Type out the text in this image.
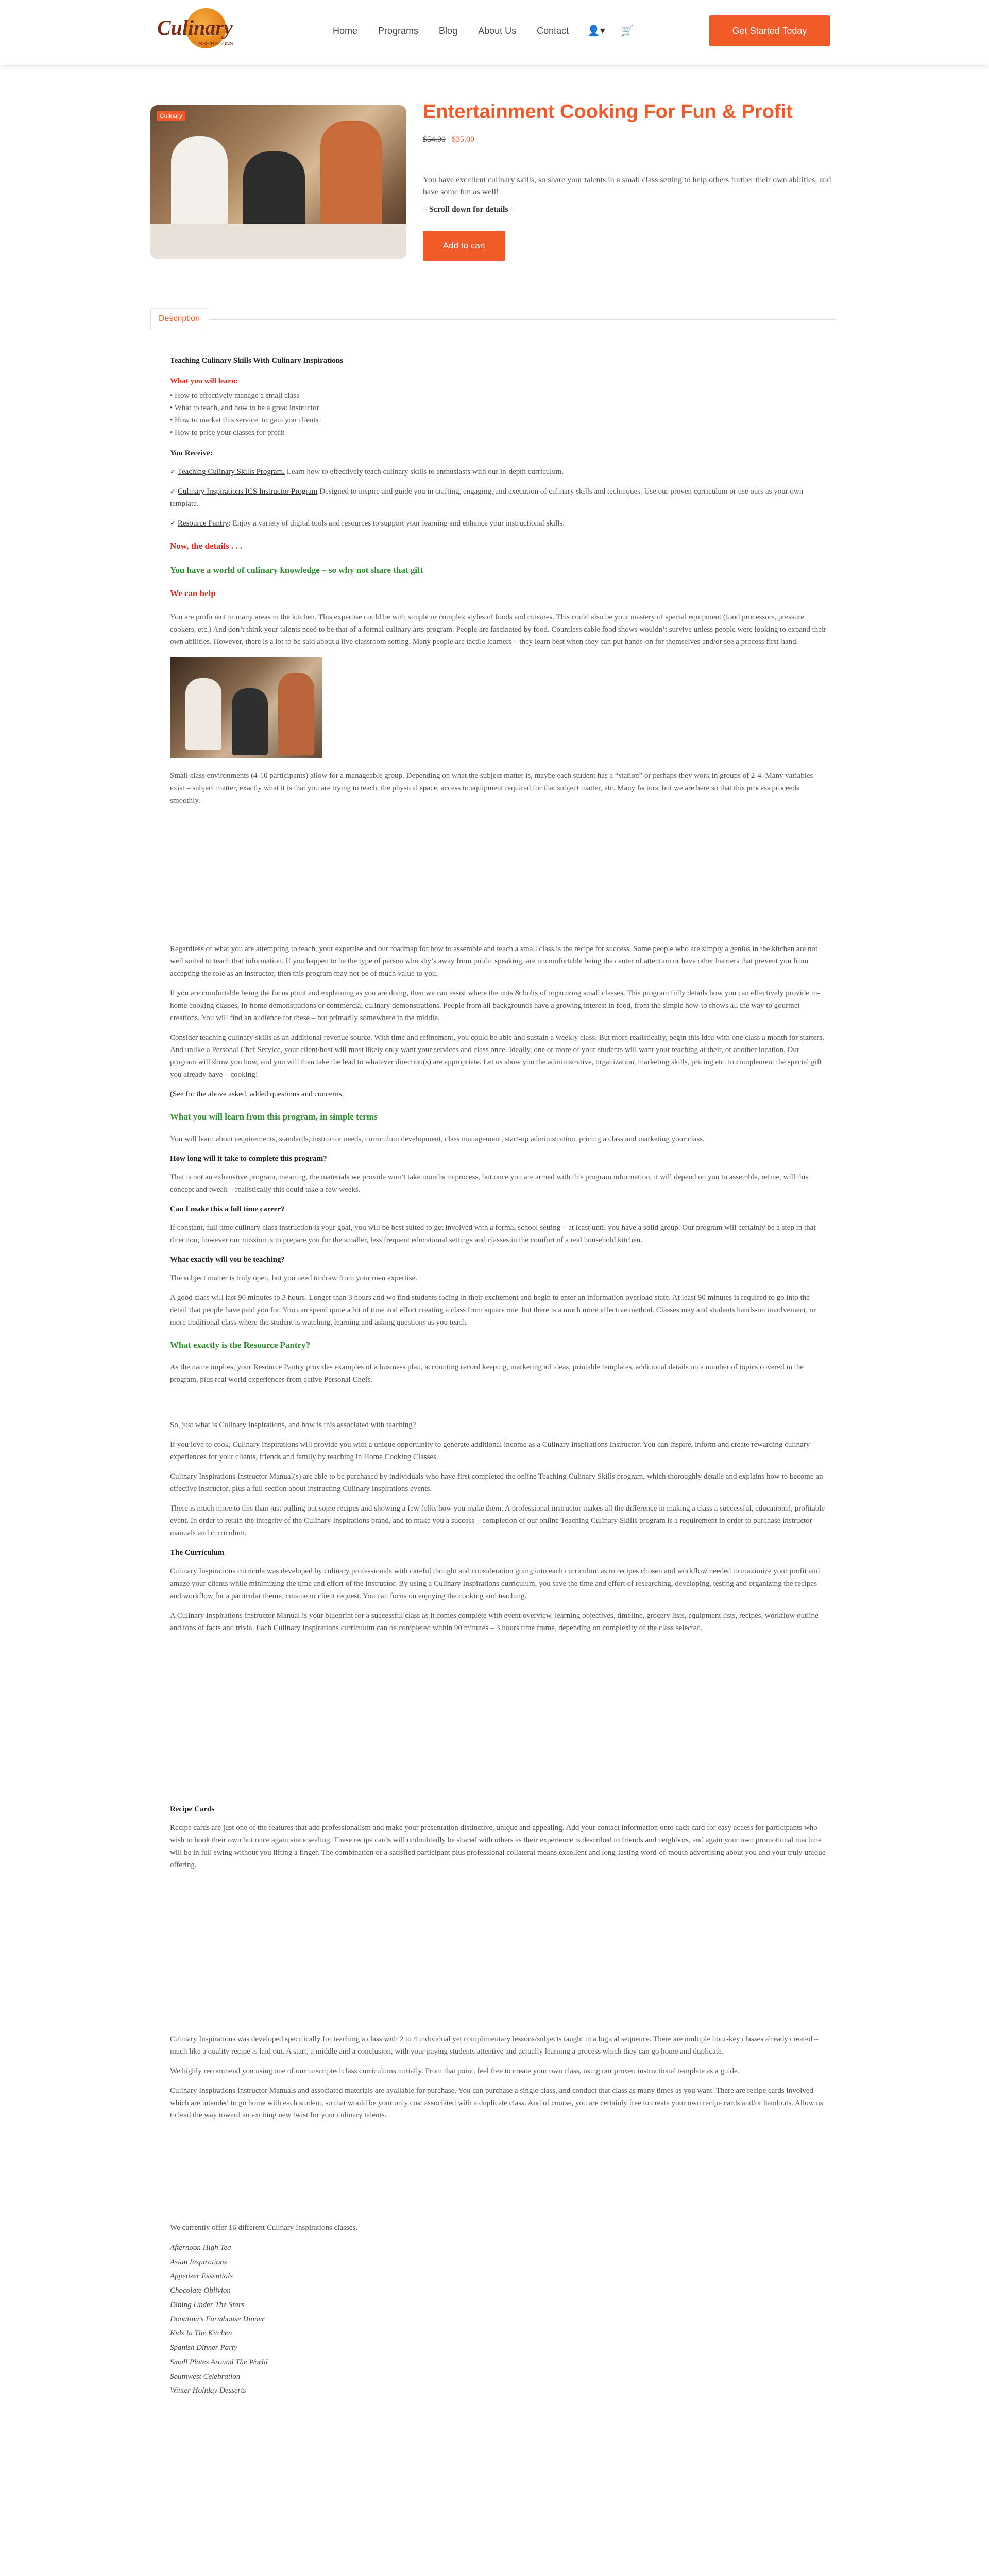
Culinary
INSPIRATIONS
Home Programs Blog About Us Contact 👤▾ 🛒	Get Started Today
Culinary	Entertainment Cooking For Fun & Profit
$54.00 $35.00
You have excellent culinary skills, so share your talents in a small class setting to help others further their own abilities, and have some fun as well!
– Scroll down for details –
Add to cart
Description

Teaching Culinary Skills With Culinary Inspirations

What you will learn:

• How to effectively manage a small class
• What to teach, and how to be a great instructor
• How to market this service, to gain you clients
• How to price your classes for profit

You Receive:

✓ Teaching Culinary Skills Program. Learn how to effectively teach culinary skills to enthusiasts with our in-depth curriculum.

✓ Culinary Inspirations ICS Instructor Program Designed to inspire and guide you in crafting, engaging, and execution of culinary skills and techniques. Use our proven curriculum or use ours as your own template.

✓ Resource Pantry: Enjoy a variety of digital tools and resources to support your learning and enhance your instructional skills.

Now, the details . . .

You have a world of culinary knowledge – so why not share that gift

We can help

You are proficient in many areas in the kitchen. This expertise could be with simple or complex styles of foods and cuisines. This could also be your mastery of special equipment (food processors, pressure cookers, etc.) And don’t think your talents need to be that of a formal culinary arts program. People are fascinated by food. Countless cable food shows wouldn’t survive unless people were looking to expand their own abilities. However, there is a lot to be said about a live classroom setting. Many people are tactile learners – they learn best when they can put hands-on for themselves and/or see a process first-hand.

Small class environments (4-10 participants) allow for a manageable group. Depending on what the subject matter is, maybe each student has a “station” or perhaps they work in groups of 2-4. Many variables exist – subject matter, exactly what it is that you are trying to teach, the physical space, access to equipment required for that subject matter, etc. Many factors, but we are here so that this process proceeds smoothly.

Regardless of what you are attempting to teach, your expertise and our roadmap for how to assemble and teach a small class is the recipe for success. Some people who are simply a genius in the kitchen are not well suited to teach that information. If you happen to be the type of person who shy’s away from public speaking, are uncomfortable being the center of attention or have other barriers that prevent you from accepting the role as an instructor, then this program may not be of much value to you.

If you are comfortable being the focus point and explaining as you are doing, then we can assist where the nuts & bolts of organizing small classes. This program fully details how you can effectively provide in-home cooking classes, in-home demonstrations or commercial culinary demonstrations. People from all backgrounds have a growing interest in food, from the simple how-to shows all the way to gourmet creations. You will find an audience for these – but primarily somewhere in the middle.

Consider teaching culinary skills as an additional revenue source. With time and refinement, you could be able and sustain a weekly class. But more realistically, begin this idea with one class a month for starters. And unlike a Personal Chef Service, your client/host will most likely only want your services and class once. Ideally, one or more of your students will want your teaching at their, or another location. Our program will show you how, and you will then take the lead to whatever direction(s) are appropriate. Let us show you the administrative, organization, marketing skills, pricing etc. to complement the special gift you already have – cooking!

(See for the above asked, added questions and concerns.

What you will learn from this program, in simple terms

You will learn about requirements, standards, instructor needs, curriculum development, class management, start-up administration, pricing a class and marketing your class.

How long will it take to complete this program?

That is not an exhaustive program, meaning, the materials we provide won’t take months to process, but once you are armed with this program information, it will depend on you to assemble, refine, will this concept and tweak – realistically this could take a few weeks.

Can I make this a full time career?

If constant, full time culinary class instruction is your goal, you will be best suited to get involved with a formal school setting – at least until you have a solid group. Our program will certainly be a step in that direction, however our mission is to prepare you for the smaller, less frequent educational settings and classes in the comfort of a real household kitchen.

What exactly will you be teaching?

The subject matter is truly open, but you need to draw from your own expertise.

A good class will last 90 minutes to 3 hours. Longer than 3 hours and we find students fading in their excitement and begin to enter an information overload state. At least 90 minutes is required to go into the detail that people have paid you for. You can spend quite a bit of time and effort creating a class from square one, but there is a much more effective method. Classes may and students hands-on involvement, or more traditional class where the student is watching, learning and asking questions as you teach.

What exactly is the Resource Pantry?

As the name implies, your Resource Pantry provides examples of a business plan, accounting record keeping, marketing ad ideas, printable templates, additional details on a number of topics covered in the program, plus real world experiences from active Personal Chefs.

So, just what is Culinary Inspirations, and how is this associated with teaching?

If you love to cook, Culinary Inspirations will provide you with a unique opportunity to generate additional income as a Culinary Inspirations Instructor. You can inspire, inform and create rewarding culinary experiences for your clients, friends and family by teaching in Home Cooking Classes.

Culinary Inspirations Instructor Manual(s) are able to be purchased by individuals who have first completed the online Teaching Culinary Skills program, which thoroughly details and explains how to become an effective instructor, plus a full section about instructing Culinary Inspirations events.

There is much more to this than just pulling out some recipes and showing a few folks how you make them. A professional instructor makes all the difference in making a class a successful, educational, profitable event. In order to retain the integrity of the Culinary Inspirations brand, and to make you a success – completion of our online Teaching Culinary Skills program is a requirement in order to purchase instructor manuals and curriculum.

The Curriculum

Culinary Inspirations curricula was developed by culinary professionals with careful thought and consideration going into each curriculum as to recipes chosen and workflow needed to maximize your profit and amaze your clients while minimizing the time and effort of the Instructor. By using a Culinary Inspirations curriculum, you save the time and effort of researching, developing, testing and organizing the recipes and workflow for a particular theme, cuisine or client request. You can focus on enjoying the cooking and teaching.

A Culinary Inspirations Instructor Manual is your blueprint for a successful class as it comes complete with event overview, learning objectives, timeline, grocery lists, equipment lists, recipes, workflow outline and tons of facts and trivia. Each Culinary Inspirations curriculum can be completed within 90 minutes – 3 hours time frame, depending on complexity of the class selected.

Recipe Cards

Recipe cards are just one of the features that add professionalism and make your presentation distinctive, unique and appealing. Add your contact information onto each card for easy access for participants who wish to book their own but once again since sealing. These recipe cards will undoubtedly be shared with others as their experience is described to friends and neighbors, and again your own promotional machine will be in full swing without you lifting a finger. The combination of a satisfied participant plus professional collateral means excellent and long-lasting word-of-mouth advertising about you and your truly unique offering.

Culinary Inspirations was developed specifically for teaching a class with 2 to 4 individual yet complimentary lessons/subjects taught in a logical sequence. There are multiple hour-key classes already created – much like a quality recipe is laid out. A start, a middle and a conclusion, with your paying students attentive and actually learning a process which they can go home and duplicate.

We highly recommend you using one of our unscripted class curriculums initially. From that point, feel free to create your own class, using our proven instructional template as a guide.

Culinary Inspirations Instructor Manuals and associated materials are available for purchase. You can purchase a single class, and conduct that class as many times as you want. There are recipe cards involved which are intended to go home with each student, so that would be your only cost associated with a duplicate class. And of course, you are certainly free to create your own recipe cards and/or handouts. Allow us to lead the way toward an exciting new twist for your culinary talents.

We currently offer 16 different Culinary Inspirations classes.

Afternoon High Tea
Asian Inspirations
Appetizer Essentials
Chocolate Oblivion
Dining Under The Stars
Donatina’s Farmhouse Dinner
Kids In The Kitchen
Spanish Dinner Party
Small Plates Around The World
Southwest Celebration
Winter Holiday Desserts
